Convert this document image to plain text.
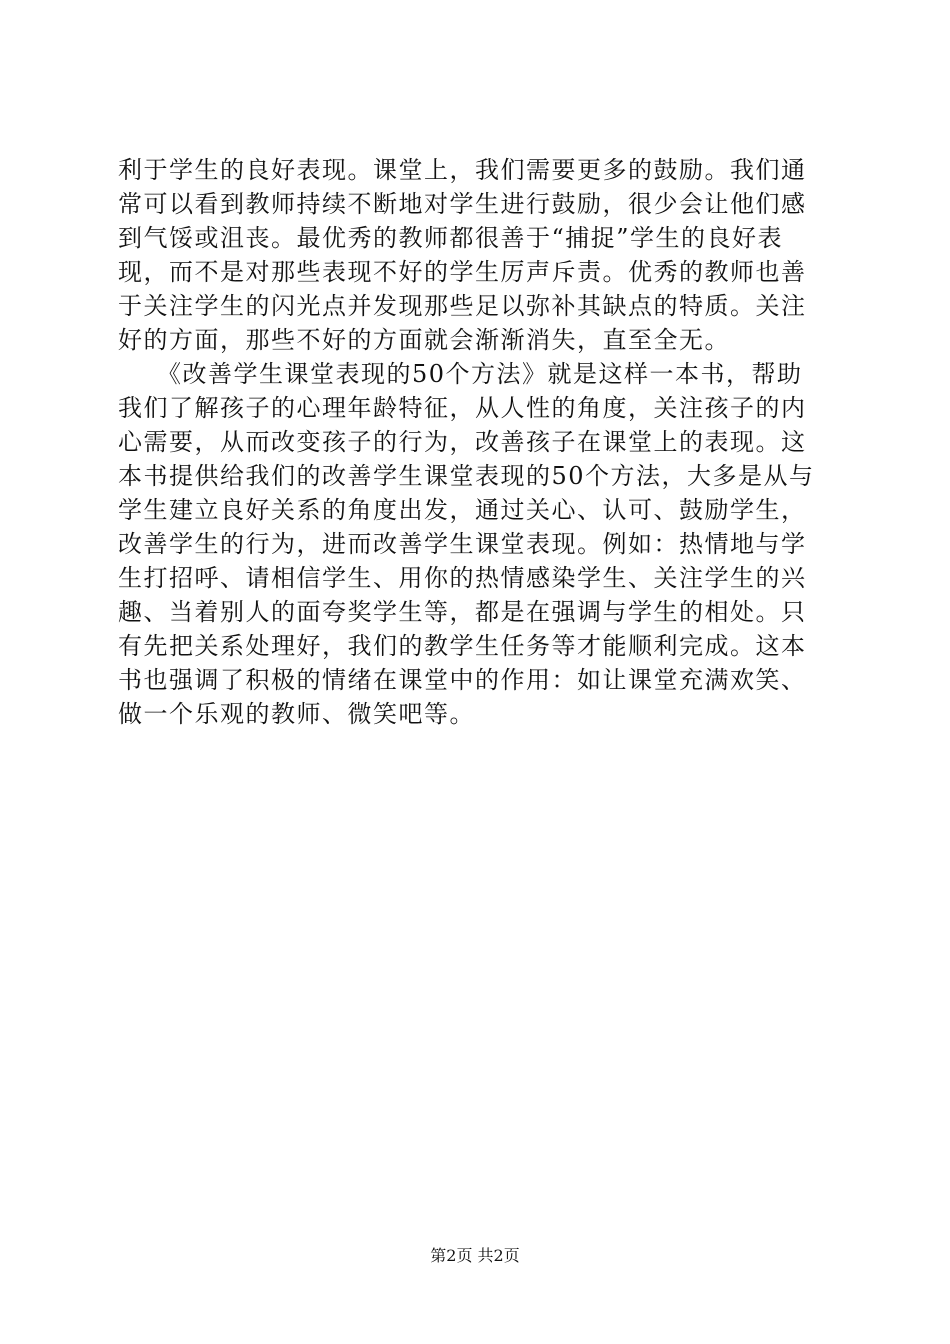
利于学生的良好表现。课堂上，我们需要更多的鼓励。我们通
常可以看到教师持续不断地对学生进行鼓励，很少会让他们感
到气馁或沮丧。最优秀的教师都很善于“捕捉”学生的良好表
现，而不是对那些表现不好的学生厉声斥责。优秀的教师也善
于关注学生的闪光点并发现那些足以弥补其缺点的特质。关注
好的方面，那些不好的方面就会渐渐消失，直至全无。
　　《改善学生课堂表现的50个方法》就是这样一本书，帮助
我们了解孩子的心理年龄特征，从人性的角度，关注孩子的内
心需要，从而改变孩子的行为，改善孩子在课堂上的表现。这
本书提供给我们的改善学生课堂表现的50个方法，大多是从与
学生建立良好关系的角度出发，通过关心、认可、鼓励学生，
改善学生的行为，进而改善学生课堂表现。例如：热情地与学
生打招呼、请相信学生、用你的热情感染学生、关注学生的兴
趣、当着别人的面夸奖学生等，都是在强调与学生的相处。只
有先把关系处理好，我们的教学生任务等才能顺利完成。这本
书也强调了积极的情绪在课堂中的作用：如让课堂充满欢笑、
做一个乐观的教师、微笑吧等。
第2页 共2页
